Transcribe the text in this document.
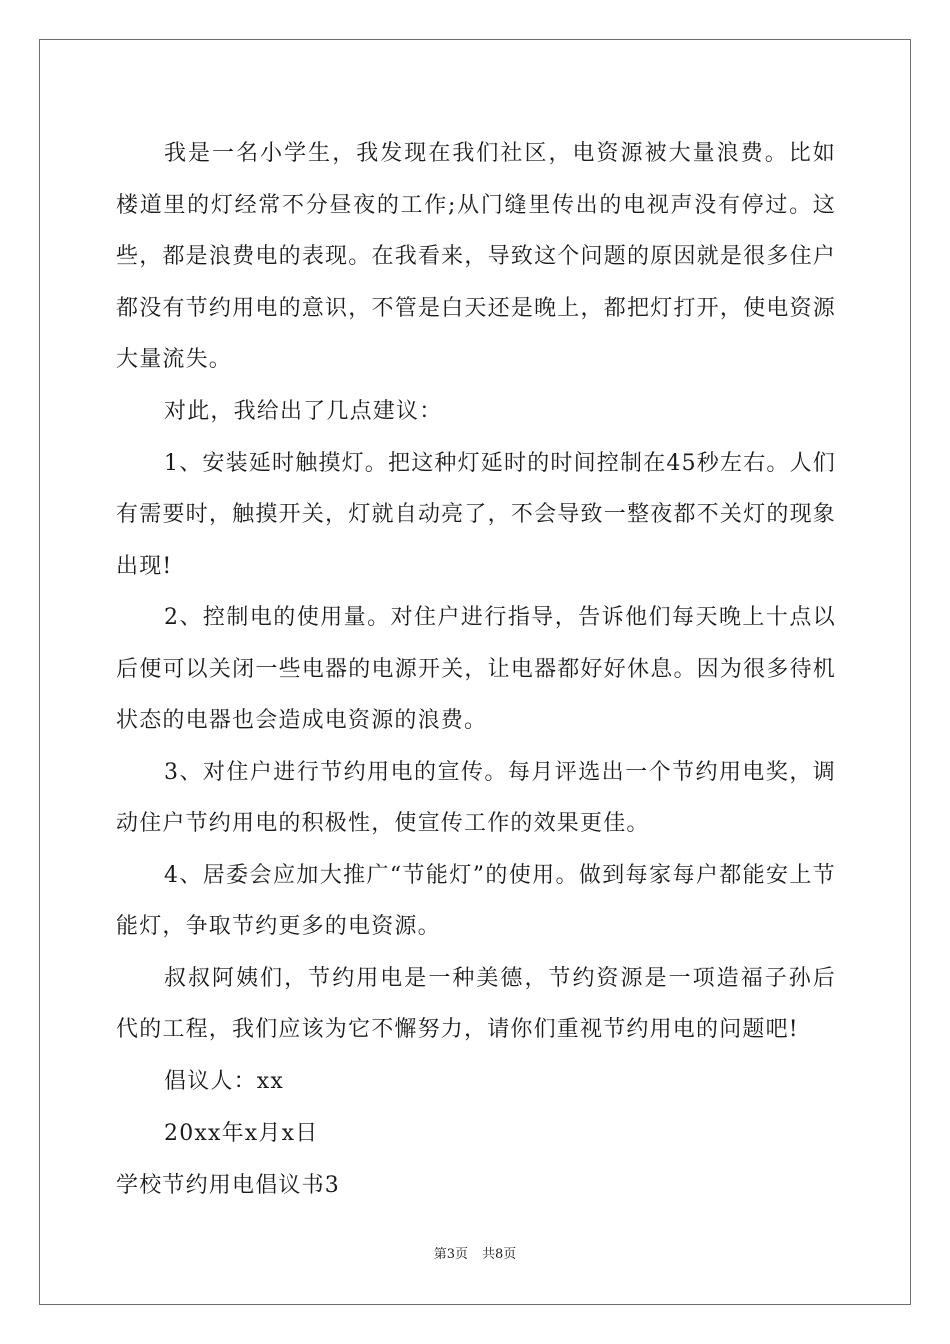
我是一名小学生，我发现在我们社区，电资源被大量浪费。比如楼道里的灯经常不分昼夜的工作;从门缝里传出的电视声没有停过。这些，都是浪费电的表现。在我看来，导致这个问题的原因就是很多住户都没有节约用电的意识，不管是白天还是晚上，都把灯打开，使电资源大量流失。

对此，我给出了几点建议：

1、安装延时触摸灯。把这种灯延时的时间控制在45秒左右。人们有需要时，触摸开关，灯就自动亮了，不会导致一整夜都不关灯的现象出现!

2、控制电的使用量。对住户进行指导，告诉他们每天晚上十点以后便可以关闭一些电器的电源开关，让电器都好好休息。因为很多待机状态的电器也会造成电资源的浪费。

3、对住户进行节约用电的宣传。每月评选出一个节约用电奖，调动住户节约用电的积极性，使宣传工作的效果更佳。

4、居委会应加大推广“节能灯”的使用。做到每家每户都能安上节能灯，争取节约更多的电资源。

叔叔阿姨们，节约用电是一种美德，节约资源是一项造福子孙后代的工程，我们应该为它不懈努力，请你们重视节约用电的问题吧!

倡议人：xx

20xx年x月x日

学校节约用电倡议书3

第3页 共8页
